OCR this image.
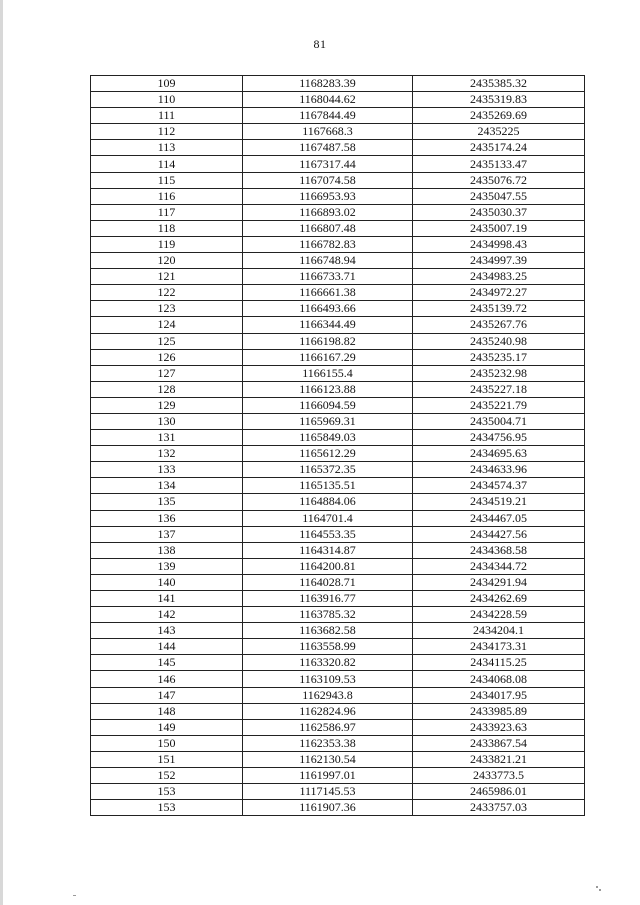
81
109	1168283.39	2435385.32
110	1168044.62	2435319.83
111	1167844.49	2435269.69
112	1167668.3	2435225
113	1167487.58	2435174.24
114	1167317.44	2435133.47
115	1167074.58	2435076.72
116	1166953.93	2435047.55
117	1166893.02	2435030.37
118	1166807.48	2435007.19
119	1166782.83	2434998.43
120	1166748.94	2434997.39
121	1166733.71	2434983.25
122	1166661.38	2434972.27
123	1166493.66	2435139.72
124	1166344.49	2435267.76
125	1166198.82	2435240.98
126	1166167.29	2435235.17
127	1166155.4	2435232.98
128	1166123.88	2435227.18
129	1166094.59	2435221.79
130	1165969.31	2435004.71
131	1165849.03	2434756.95
132	1165612.29	2434695.63
133	1165372.35	2434633.96
134	1165135.51	2434574.37
135	1164884.06	2434519.21
136	1164701.4	2434467.05
137	1164553.35	2434427.56
138	1164314.87	2434368.58
139	1164200.81	2434344.72
140	1164028.71	2434291.94
141	1163916.77	2434262.69
142	1163785.32	2434228.59
143	1163682.58	2434204.1
144	1163558.99	2434173.31
145	1163320.82	2434115.25
146	1163109.53	2434068.08
147	1162943.8	2434017.95
148	1162824.96	2433985.89
149	1162586.97	2433923.63
150	1162353.38	2433867.54
151	1162130.54	2433821.21
152	1161997.01	2433773.5
153	1117145.53	2465986.01
153	1161907.36	2433757.03
